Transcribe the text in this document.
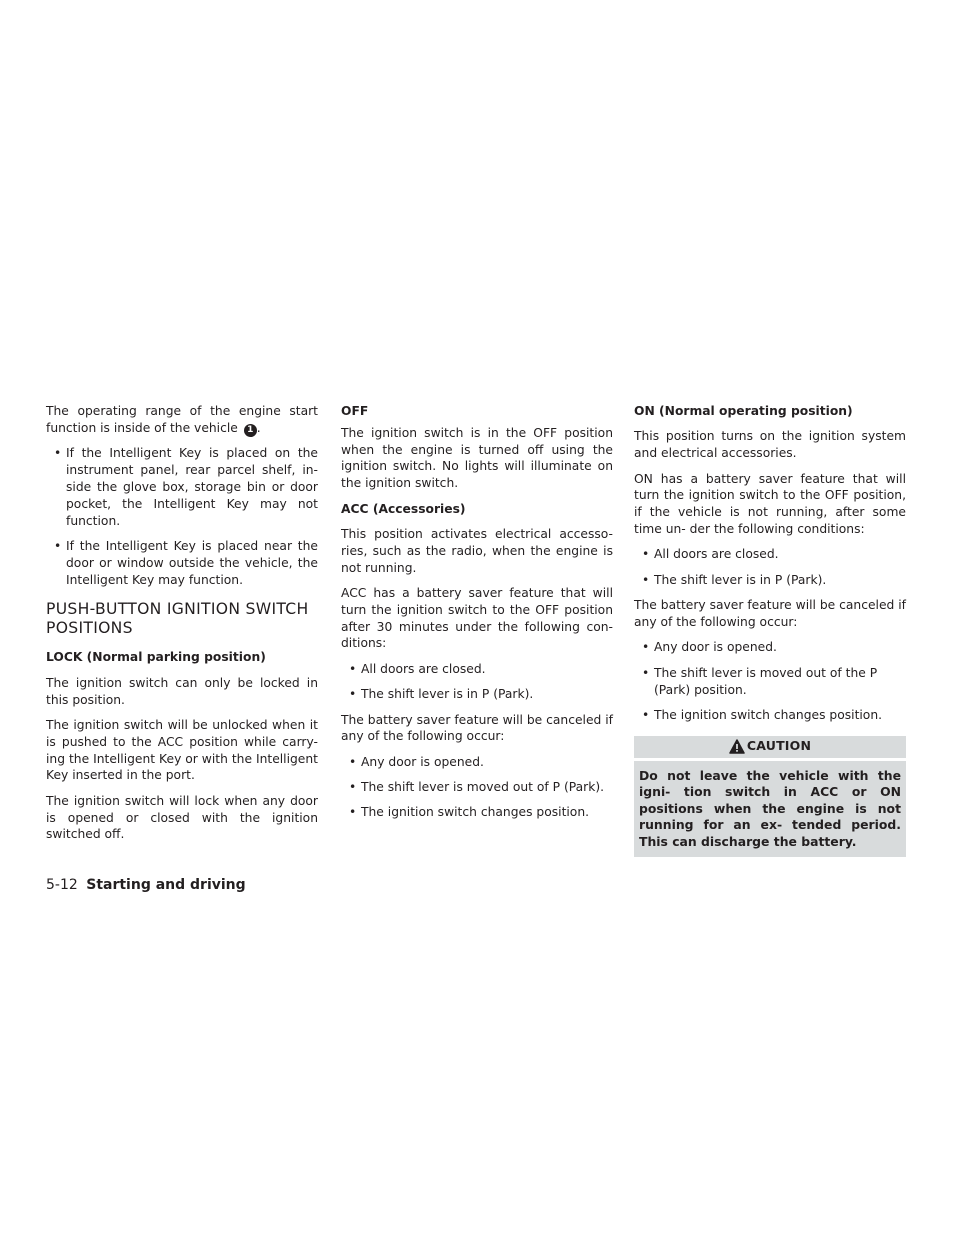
The operating range of the engine start function is inside of the vehicle 1 .

• If the Intelligent Key is placed on the instrument panel, rear parcel shelf, in- side the glove box, storage bin or door pocket, the Intelligent Key may not function.
• If the Intelligent Key is placed near the door or window outside the vehicle, the Intelligent Key may function.
PUSH-BUTTON IGNITION SWITCH
POSITIONS
LOCK (Normal parking position)

The ignition switch can only be locked in this position.

The ignition switch will be unlocked when it is pushed to the ACC position while carry- ing the Intelligent Key or with the Intelligent Key inserted in the port.

The ignition switch will lock when any door is opened or closed with the ignition switched off.

OFF

The ignition switch is in the OFF position when the engine is turned off using the ignition switch. No lights will illuminate on the ignition switch.

ACC (Accessories)

This position activates electrical accesso- ries, such as the radio, when the engine is not running.

ACC has a battery saver feature that will turn the ignition switch to the OFF position after 30 minutes under the following con- ditions:

• All doors are closed.
• The shift lever is in P (Park).

The battery saver feature will be canceled if any of the following occur:

• Any door is opened.
• The shift lever is moved out of P (Park).
• The ignition switch changes position.
ON (Normal operating position)

This position turns on the ignition system and electrical accessories.

ON has a battery saver feature that will turn the ignition switch to the OFF position, if the vehicle is not running, after some time un- der the following conditions:

• All doors are closed.
• The shift lever is in P (Park).

The battery saver feature will be canceled if any of the following occur:

• Any door is opened.
• The shift lever is moved out of the P (Park) position.
• The ignition switch changes position.
CAUTION
Do not leave the vehicle with the igni- tion switch in ACC or ON positions when the engine is not running for an ex- tended period. This can discharge the battery.
5-12 Starting and driving
